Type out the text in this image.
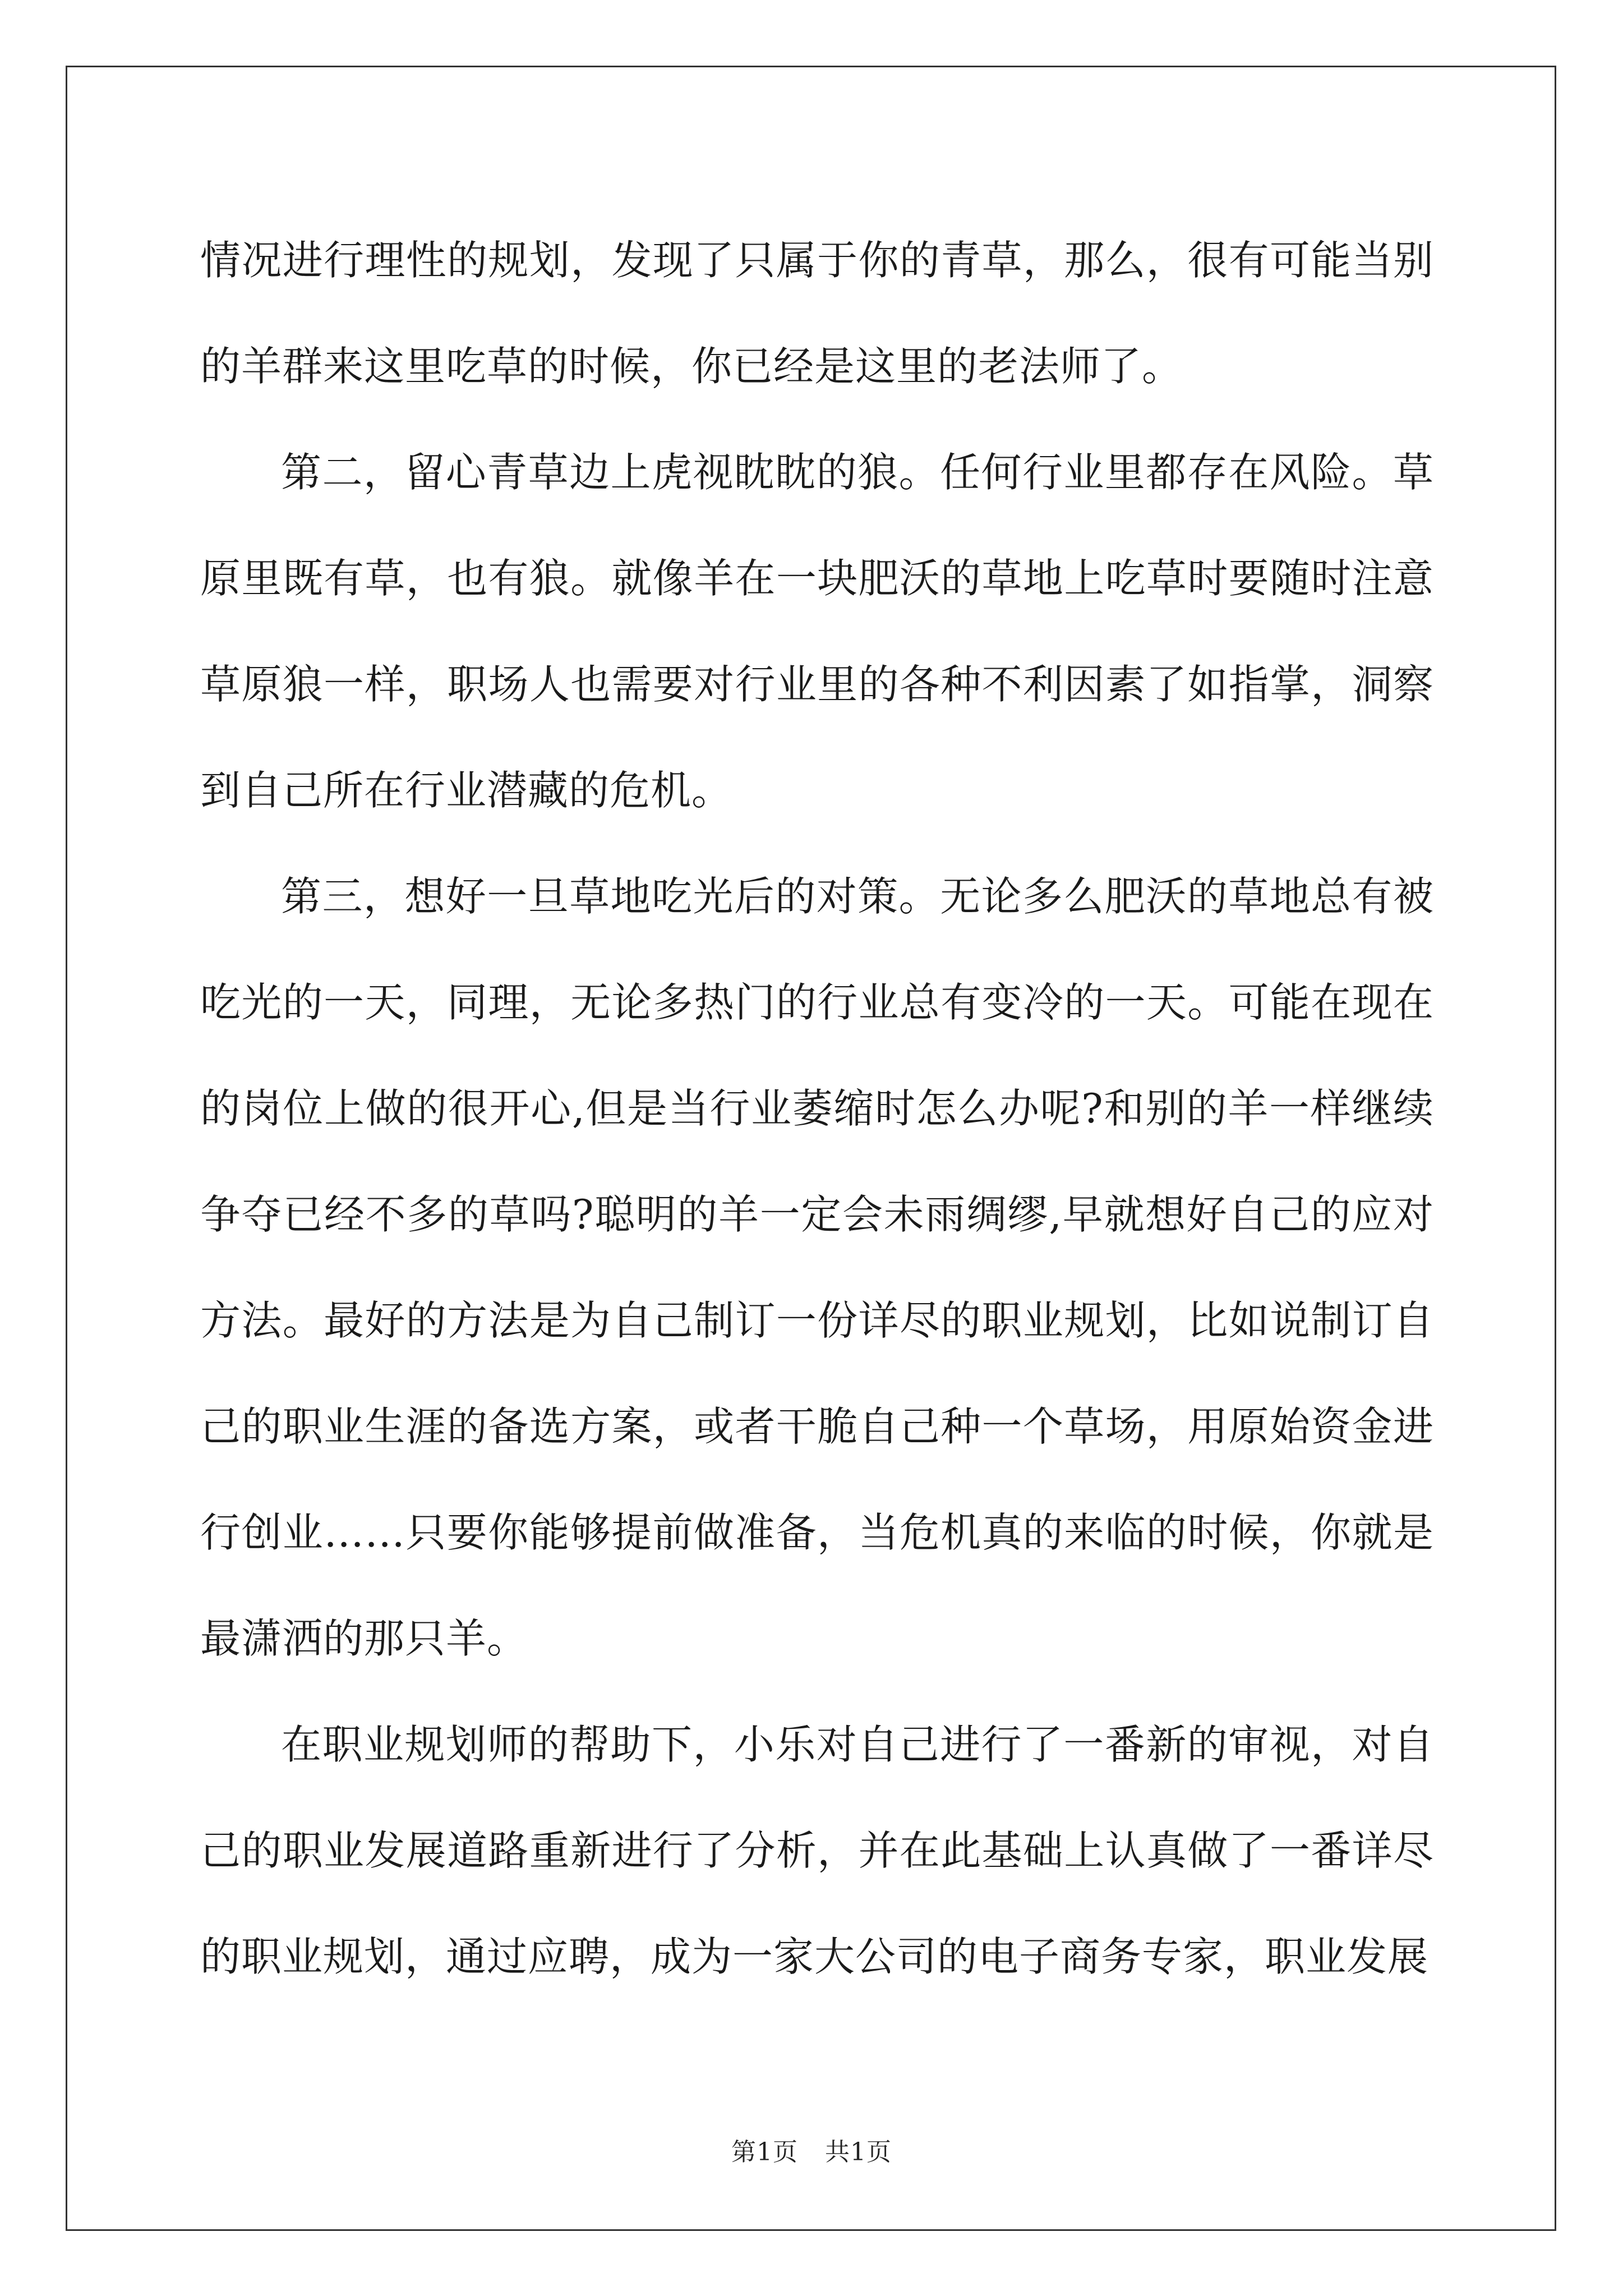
情况进行理性的规划，发现了只属于你的青草，那么，很有可能当别的羊群来这里吃草的时候，你已经是这里的老法师了。

第二，留心青草边上虎视眈眈的狼。任何行业里都存在风险。草原里既有草，也有狼。就像羊在一块肥沃的草地上吃草时要随时注意草原狼一样，职场人也需要对行业里的各种不利因素了如指掌，洞察到自己所在行业潜藏的危机。

第三，想好一旦草地吃光后的对策。无论多么肥沃的草地总有被吃光的一天，同理，无论多热门的行业总有变冷的一天。可能在现在的岗位上做的很开心,但是当行业萎缩时怎么办呢?和别的羊一样继续争夺已经不多的草吗?聪明的羊一定会未雨绸缪,早就想好自己的应对方法。最好的方法是为自己制订一份详尽的职业规划，比如说制订自己的职业生涯的备选方案，或者干脆自己种一个草场，用原始资金进行创业……只要你能够提前做准备，当危机真的来临的时候，你就是最潇洒的那只羊。

在职业规划师的帮助下，小乐对自己进行了一番新的审视，对自己的职业发展道路重新进行了分析，并在此基础上认真做了一番详尽的职业规划，通过应聘，成为一家大公司的电子商务专家，职业发展

第1页 共1页
